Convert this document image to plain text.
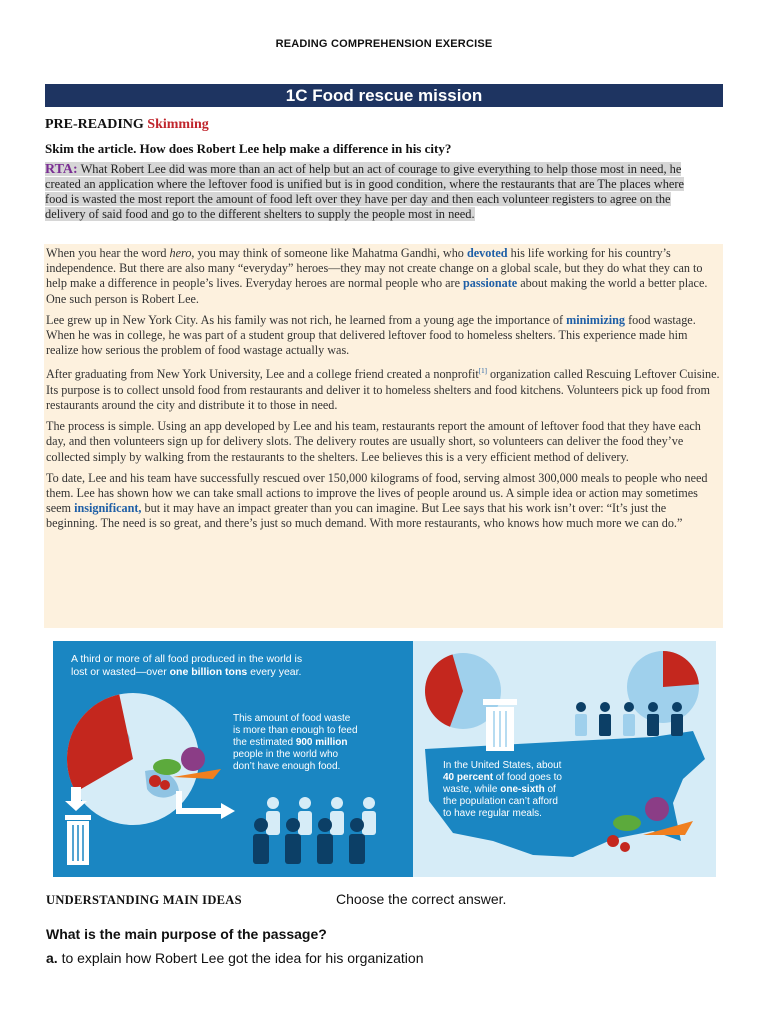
READING COMPREHENSION EXERCISE
1C Food rescue mission
PRE-READING Skimming
Skim the article. How does Robert Lee help make a difference in his city?
RTA: What Robert Lee did was more than an act of help but an act of courage to give everything to help those most in need, he created an application where the leftover food is unified but is in good condition, where the restaurants that are The places where food is wasted the most report the amount of food left over they have per day and then each volunteer registers to agree on the delivery of said food and go to the different shelters to supply the people most in need.

When you hear the word hero, you may think of someone like Mahatma Gandhi, who devoted his life working for his country’s independence. But there are also many “everyday” heroes—they may not create change on a global scale, but they do what they can to help make a difference in people’s lives. Everyday heroes are normal people who are passionate about making the world a better place. One such person is Robert Lee.

Lee grew up in New York City. As his family was not rich, he learned from a young age the importance of minimizing food wastage. When he was in college, he was part of a student group that delivered leftover food to homeless shelters. This experience made him realize how serious the problem of food wastage actually was.

After graduating from New York University, Lee and a college friend created a nonprofit[1] organization called Rescuing Leftover Cuisine. Its purpose is to collect unsold food from restaurants and deliver it to homeless shelters and food kitchens. Volunteers pick up food from restaurants around the city and distribute it to those in need.

The process is simple. Using an app developed by Lee and his team, restaurants report the amount of leftover food that they have each day, and then volunteers sign up for delivery slots. The delivery routes are usually short, so volunteers can deliver the food they’ve collected simply by walking from the restaurants to the shelters. Lee believes this is a very efficient method of delivery.

To date, Lee and his team have successfully rescued over 150,000 kilograms of food, serving almost 300,000 meals to people who need them. Lee has shown how we can take small actions to improve the lives of people around us. A simple idea or action may sometimes seem insignificant, but it may have an impact greater than you can imagine. But Lee says that his work isn’t over: “It’s just the beginning. The need is so great, and there’s just so much demand. With more restaurants, who knows how much more we can do.”

A third or more of all food produced in the world is
lost or wasted—over one billion tons every year.
This amount of food waste
is more than enough to feed
the estimated 900 million
people in the world who
don’t have enough food.	In the United States, about
40 percent of food goes to
waste, while one-sixth of
the population can’t afford
to have regular meals.
UNDERSTANDING MAIN IDEAS	Choose the correct answer.
What is the main purpose of the passage?
a. to explain how Robert Lee got the idea for his organization
